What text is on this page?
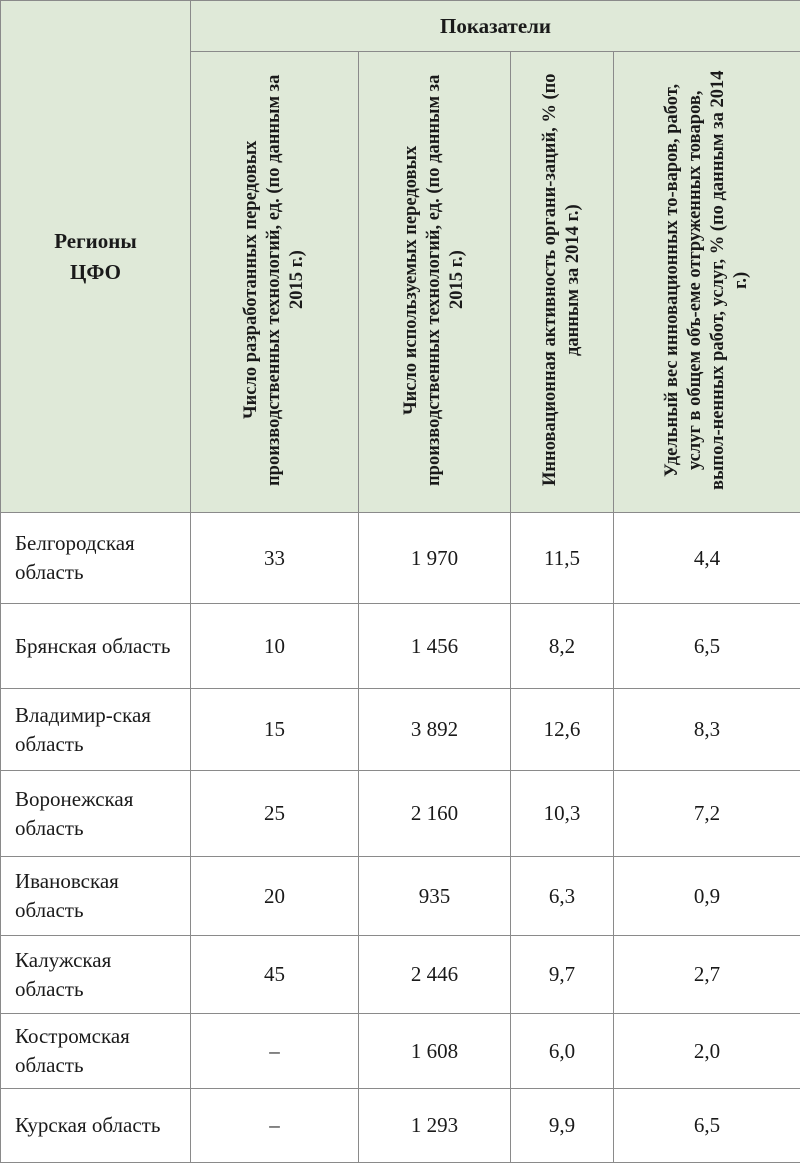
Регионы ЦФО	Показатели			
	Число разработанных передовых производственных технологий, ед. (по данным за 2015 г.)	Число используемых передовых производственных технологий, ед. (по данным за 2015 г.)	Инновационная активность органи-заций, % (по данным за 2014 г.)	Удельный вес инновационных то-варов, работ, услуг в общем объ-еме отгруженных товаров, выпол-ненных работ, услуг, % (по данным за 2014 г.)
Белгородская область	33	1 970	11,5	4,4
Брянская область	10	1 456	8,2	6,5
Владимир-ская область	15	3 892	12,6	8,3
Воронежская область	25	2 160	10,3	7,2
Ивановская область	20	935	6,3	0,9
Калужская область	45	2 446	9,7	2,7
Костромская область	–	1 608	6,0	2,0
Курская область	–	1 293	9,9	6,5
